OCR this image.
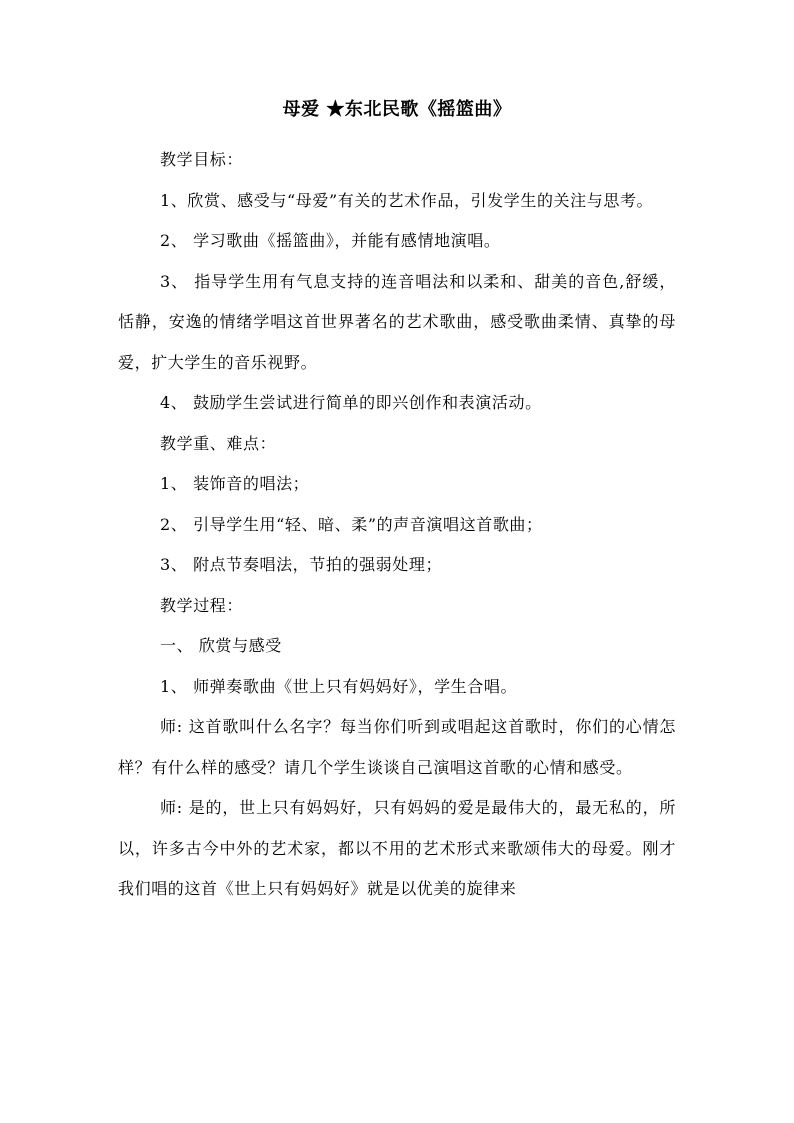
母爱 ★东北民歌《摇篮曲》

教学目标：

1、欣赏、感受与“母爱”有关的艺术作品，引发学生的关注与思考。

2、 学习歌曲《摇篮曲》，并能有感情地演唱。

3、 指导学生用有气息支持的连音唱法和以柔和、甜美的音色,舒缓，恬静，安逸的情绪学唱这首世界著名的艺术歌曲，感受歌曲柔情、真挚的母爱，扩大学生的音乐视野。

4、 鼓励学生尝试进行简单的即兴创作和表演活动。

教学重、难点：

1、 装饰音的唱法；

2、 引导学生用“轻、暗、柔”的声音演唱这首歌曲；

3、 附点节奏唱法，节拍的强弱处理；

教学过程：

一、 欣赏与感受

1、 师弹奏歌曲《世上只有妈妈好》，学生合唱。

师: 这首歌叫什么名字？每当你们听到或唱起这首歌时，你们的心情怎样？有什么样的感受？请几个学生谈谈自己演唱这首歌的心情和感受。

师: 是的，世上只有妈妈好，只有妈妈的爱是最伟大的，最无私的，所以，许多古今中外的艺术家，都以不用的艺术形式来歌颂伟大的母爱。刚才我们唱的这首《世上只有妈妈好》就是以优美的旋律来
